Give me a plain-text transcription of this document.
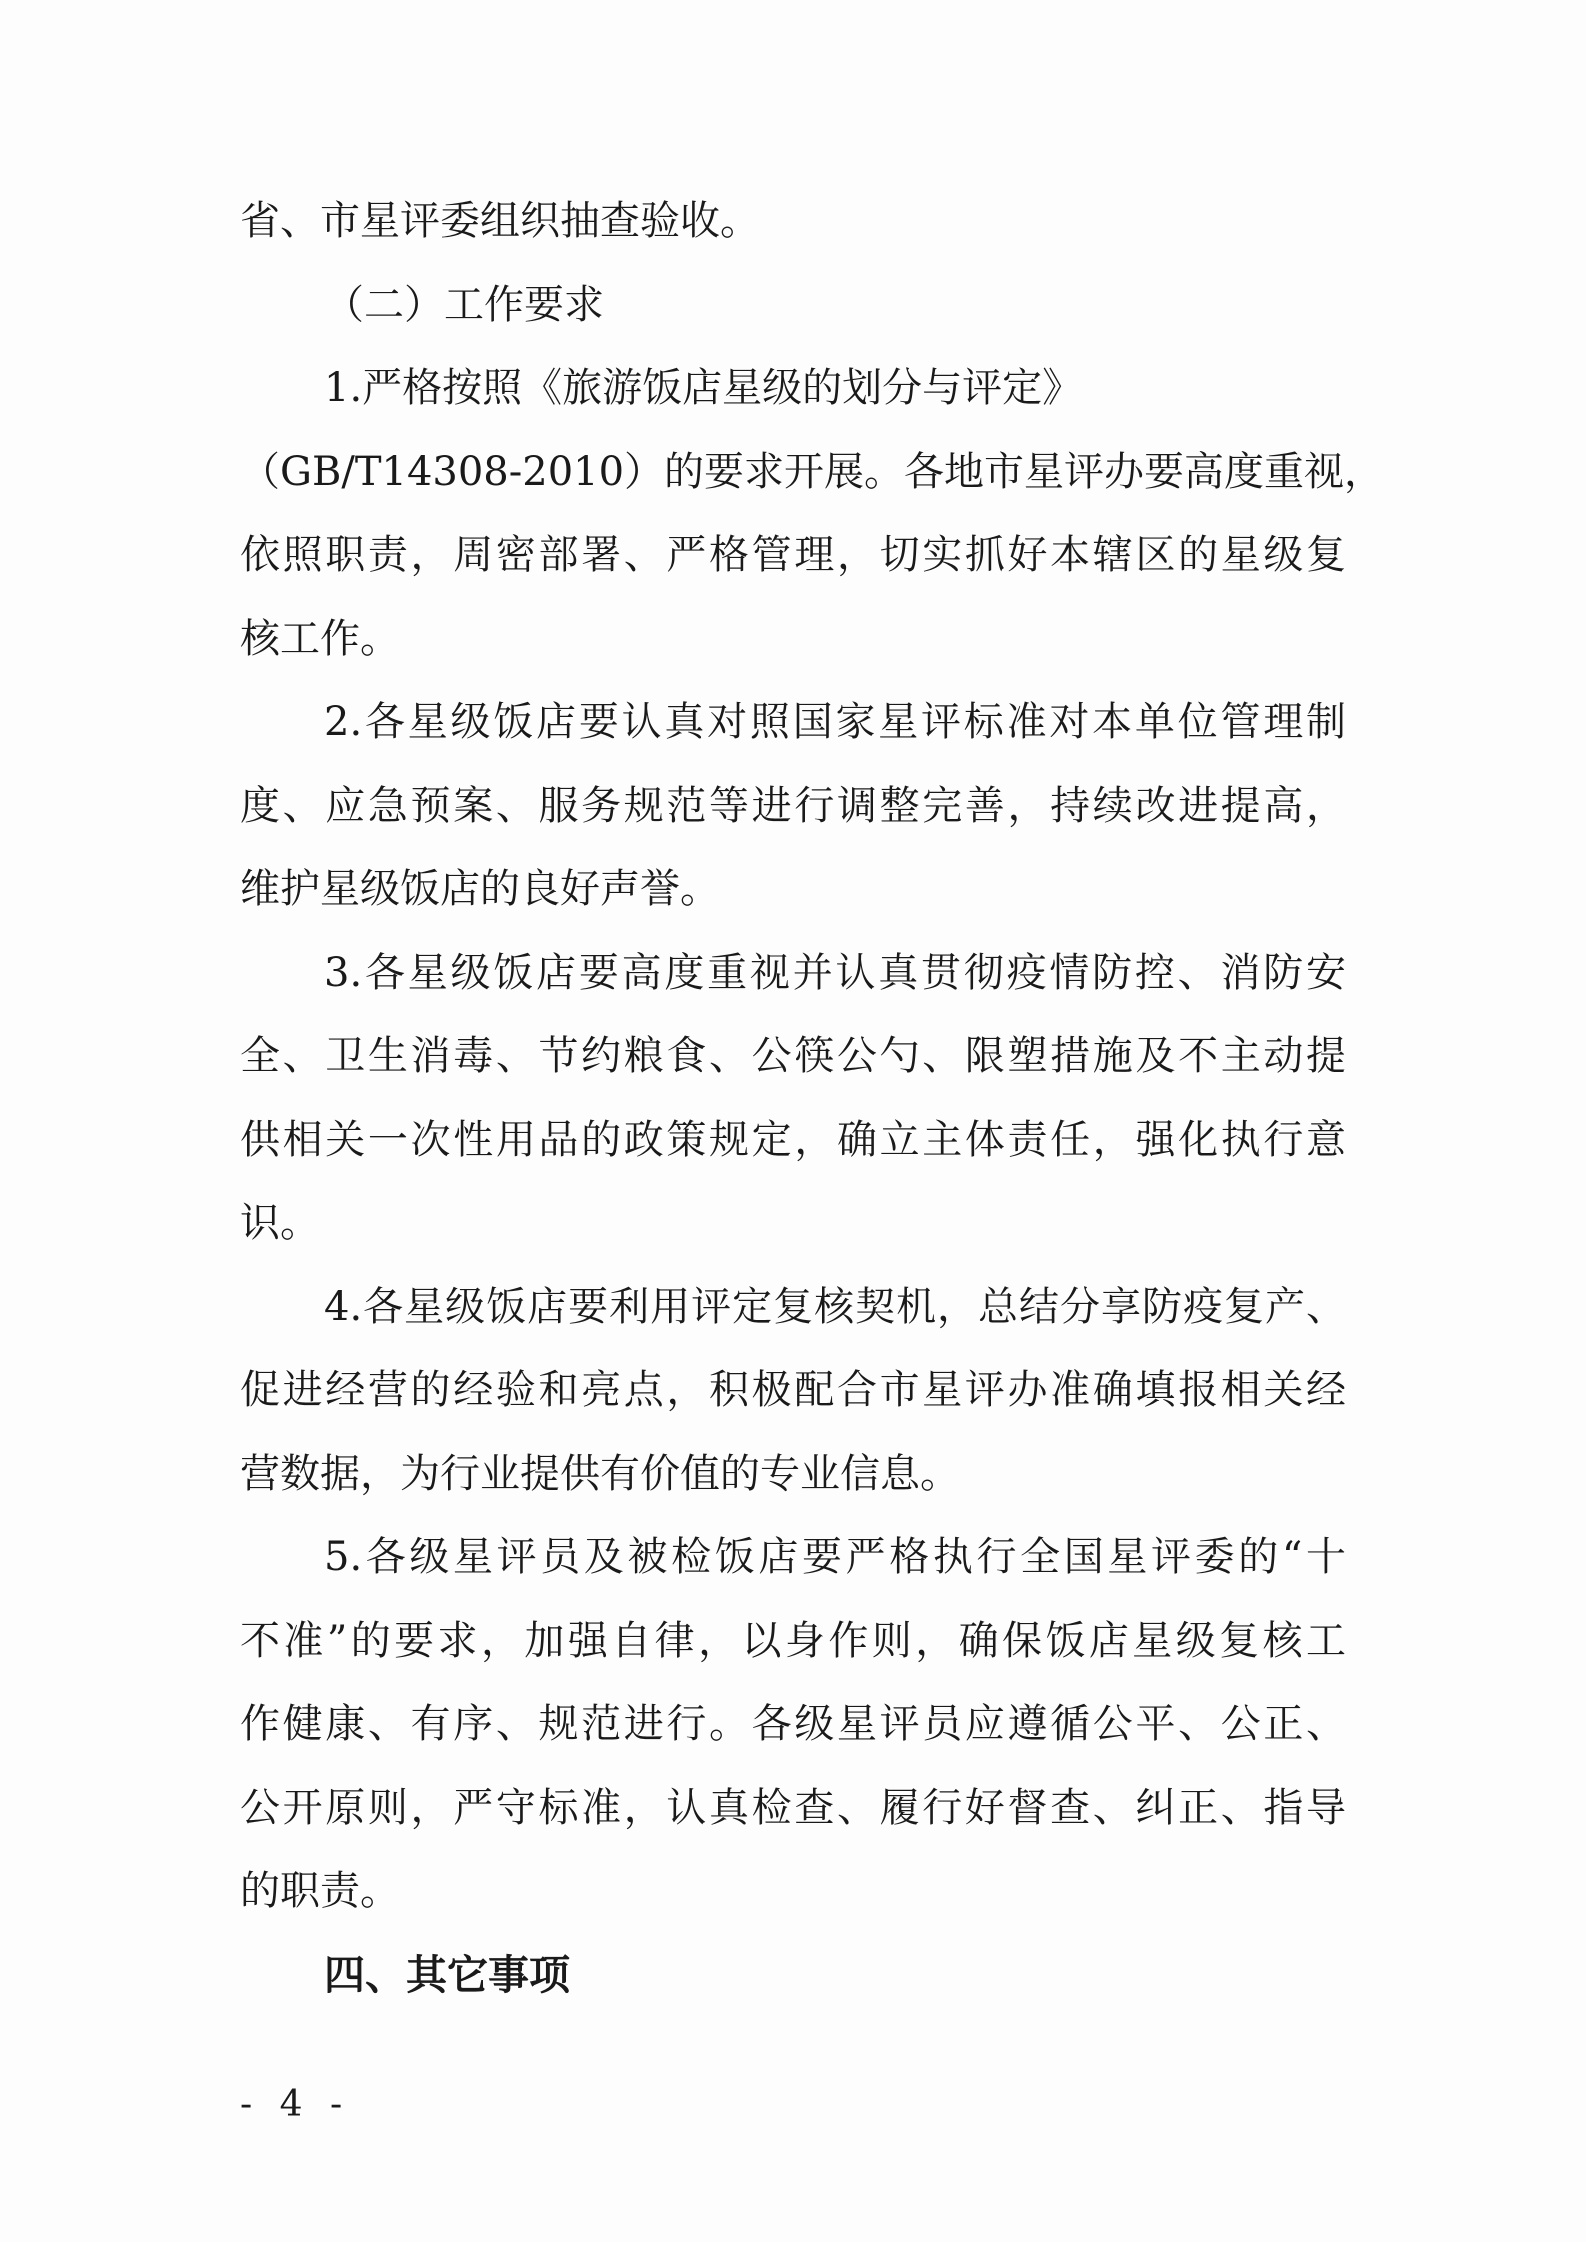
省、市星评委组织抽查验收。
（二）工作要求
1.严格按照《旅游饭店星级的划分与评定》
（GB/T14308-2010）的要求开展。各地市星评办要高度重视，
依照职责，周密部署、严格管理，切实抓好本辖区的星级复
核工作。
2.各星级饭店要认真对照国家星评标准对本单位管理制
度、应急预案、服务规范等进行调整完善，持续改进提高，
维护星级饭店的良好声誉。
3.各星级饭店要高度重视并认真贯彻疫情防控、消防安
全、卫生消毒、节约粮食、公筷公勺、限塑措施及不主动提
供相关一次性用品的政策规定，确立主体责任，强化执行意
识。
4.各星级饭店要利用评定复核契机，总结分享防疫复产、
促进经营的经验和亮点，积极配合市星评办准确填报相关经
营数据，为行业提供有价值的专业信息。
5.各级星评员及被检饭店要严格执行全国星评委的“十
不准”的要求，加强自律，以身作则，确保饭店星级复核工
作健康、有序、规范进行。各级星评员应遵循公平、公正、
公开原则，严守标准，认真检查、履行好督查、纠正、指导
的职责。
四、其它事项
- 4 -
